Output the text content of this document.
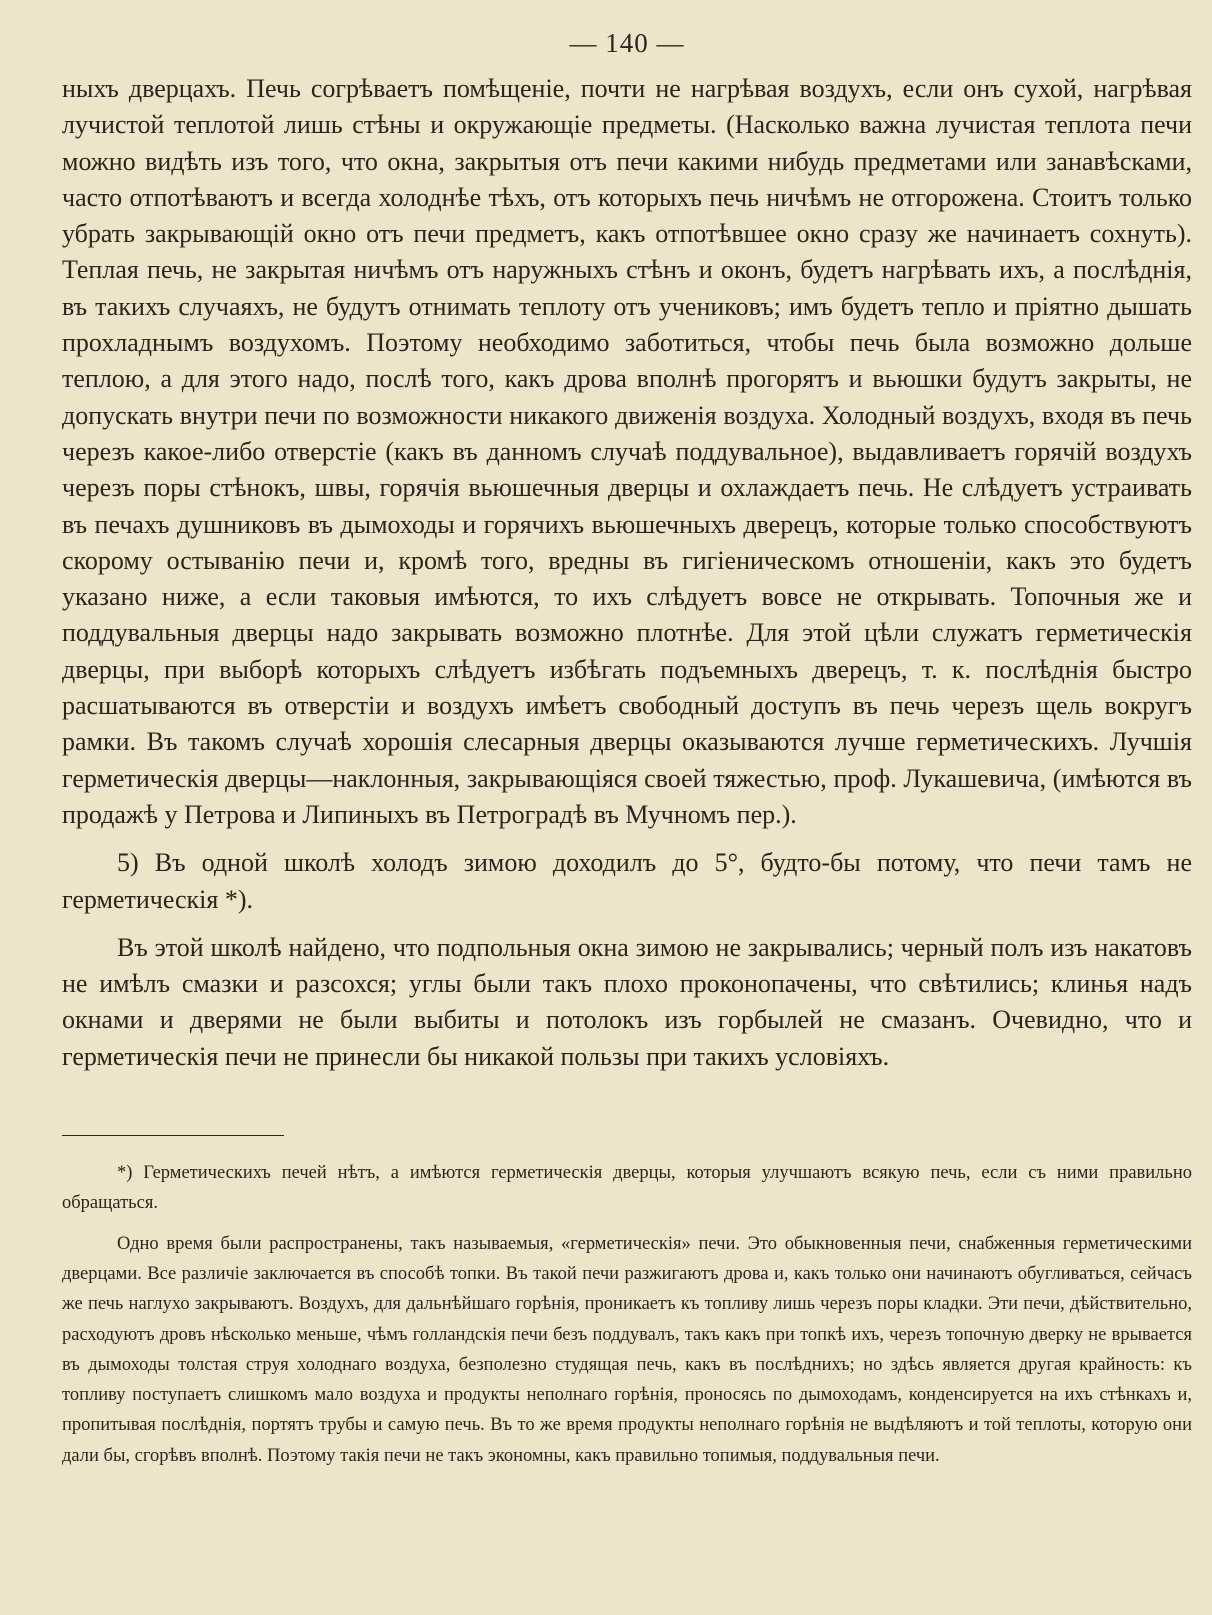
— 140 —

ныхъ дверцахъ. Печь согрѣваетъ помѣщеніе, почти не нагрѣвая воздухъ, если онъ сухой, нагрѣвая лучистой теплотой лишь стѣны и окружающіе предметы. (Насколько важна лучистая теплота печи можно видѣть изъ того, что окна, закрытыя отъ печи какими нибудь предметами или занавѣсками, часто отпотѣваютъ и всегда холоднѣе тѣхъ, отъ которыхъ печь ничѣмъ не отгорожена. Стоитъ только убрать закрывающій окно отъ печи предметъ, какъ отпотѣвшее окно сразу же начинаетъ сохнуть). Теплая печь, не закрытая ничѣмъ отъ наружныхъ стѣнъ и оконъ, будетъ нагрѣвать ихъ, а послѣднія, въ такихъ случаяхъ, не будутъ отнимать теплоту отъ учениковъ; имъ будетъ тепло и пріятно дышать прохладнымъ воздухомъ. Поэтому необходимо заботиться, чтобы печь была возможно дольше теплою, а для этого надо, послѣ того, какъ дрова вполнѣ прогорятъ и вьюшки будутъ закрыты, не допускать внутри печи по возможности никакого движенія воздуха. Холодный воздухъ, входя въ печь черезъ какое-либо отверстіе (какъ въ данномъ случаѣ поддувальное), выдавливаетъ горячій воздухъ черезъ поры стѣнокъ, швы, горячія вьюшечныя дверцы и охлаждаетъ печь. Не слѣдуетъ устраивать въ печахъ душниковъ въ дымоходы и горячихъ вьюшечныхъ дверецъ, которые только способствуютъ скорому остыванію печи и, кромѣ того, вредны въ гигіеническомъ отношеніи, какъ это будетъ указано ниже, а если таковыя имѣются, то ихъ слѣдуетъ вовсе не открывать. Топочныя же и поддувальныя дверцы надо закрывать возможно плотнѣе. Для этой цѣли служатъ герметическія дверцы, при выборѣ которыхъ слѣдуетъ избѣгать подъемныхъ дверецъ, т. к. послѣднія быстро расшатываются въ отверстіи и воздухъ имѣетъ свободный доступъ въ печь черезъ щель вокругъ рамки. Въ такомъ случаѣ хорошія слесарныя дверцы оказываются лучше герметическихъ. Лучшія герметическія дверцы—наклонныя, закрывающіяся своей тяжестью, проф. Лукашевича, (имѣются въ продажѣ у Петрова и Липиныхъ въ Петроградѣ въ Мучномъ пер.).

5) Въ одной школѣ холодъ зимою доходилъ до 5°, будто-бы потому, что печи тамъ не герметическія *).

Въ этой школѣ найдено, что подпольныя окна зимою не закрывались; черный полъ изъ накатовъ не имѣлъ смазки и разсохся; углы были такъ плохо проконопачены, что свѣтились; клинья надъ окнами и дверями не были выбиты и потолокъ изъ горбылей не смазанъ. Очевидно, что и герметическія печи не принесли бы никакой пользы при такихъ условіяхъ.

*) Герметическихъ печей нѣтъ, а имѣются герметическія дверцы, которыя улучшаютъ всякую печь, если съ ними правильно обращаться.

Одно время были распространены, такъ называемыя, «герметическія» печи. Это обыкновенныя печи, снабженныя герметическими дверцами. Все различіе заключается въ способѣ топки. Въ такой печи разжигаютъ дрова и, какъ только они начинаютъ обугливаться, сейчасъ же печь наглухо закрываютъ. Воздухъ, для дальнѣйшаго горѣнія, проникаетъ къ топливу лишь черезъ поры кладки. Эти печи, дѣйствительно, расходуютъ дровъ нѣсколько меньше, чѣмъ голландскія печи безъ поддувалъ, такъ какъ при топкѣ ихъ, черезъ топочную дверку не врывается въ дымоходы толстая струя холоднаго воздуха, безполезно студящая печь, какъ въ послѣднихъ; но здѣсь является другая крайность: къ топливу поступаетъ слишкомъ мало воздуха и продукты неполнаго горѣнія, проносясь по дымоходамъ, конденсируется на ихъ стѣнкахъ и, пропитывая послѣднія, портятъ трубы и самую печь. Въ то же время продукты неполнаго горѣнія не выдѣляютъ и той теплоты, которую они дали бы, сгорѣвъ вполнѣ. Поэтому такія печи не такъ экономны, какъ правильно топимыя, поддувальныя печи.
